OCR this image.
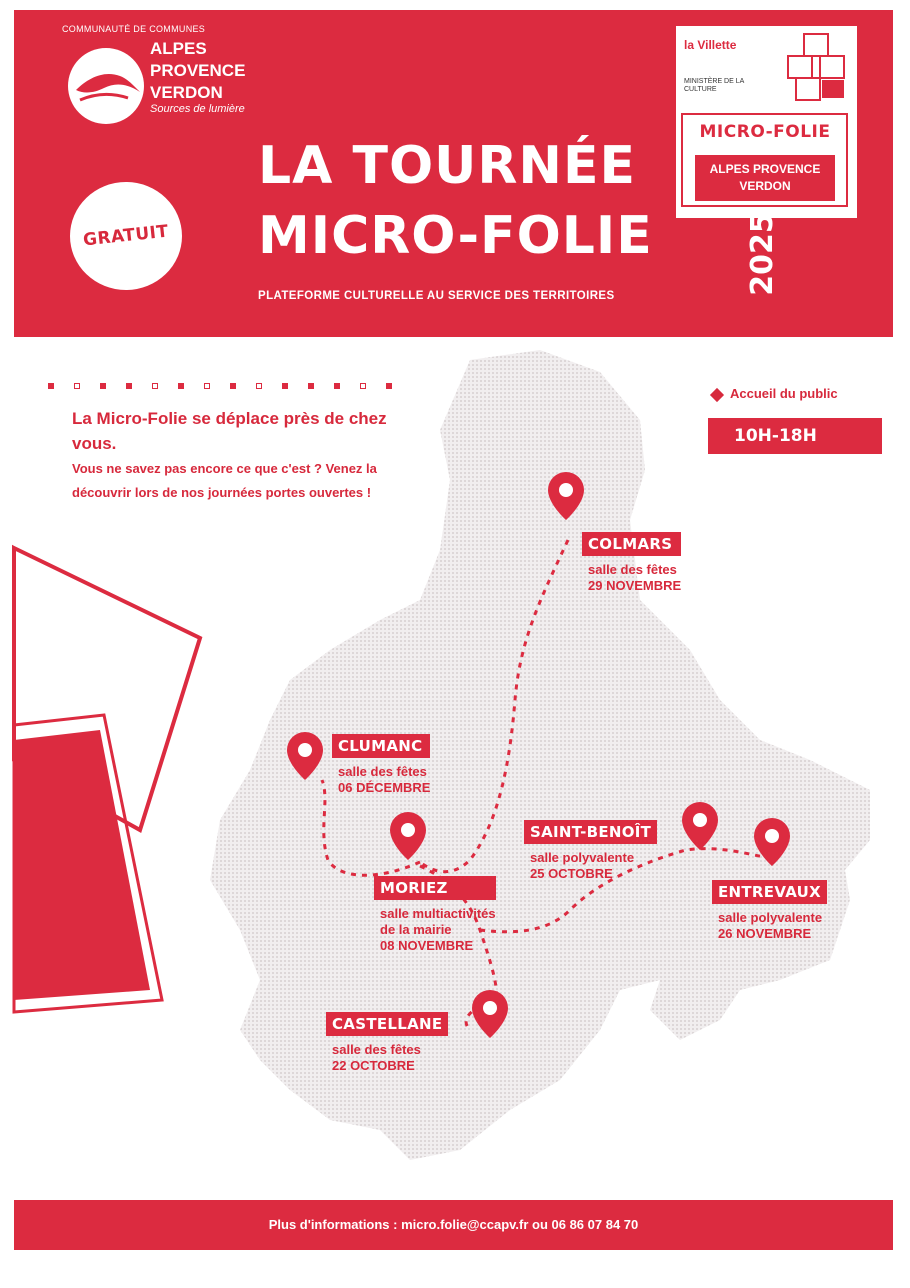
COMMUNAUTÉ DE COMMUNES
ALPES
PROVENCE
VERDON
Sources de lumière
GRATUIT
LA TOURNÉE
MICRO-FOLIE
PLATEFORME CULTURELLE AU SERVICE DES TERRITOIRES
la Villette
MINISTÈRE DE LA CULTURE
MICRO-FOLIE
ALPES PROVENCE
VERDON
2025
La Micro-Folie se déplace près de chez vous.
Vous ne savez pas encore ce que c'est ? Venez la découvrir lors de nos journées portes ouvertes !
Accueil du public
10H-18H
COLMARS
salle des fêtes
29 NOVEMBRE
CLUMANC
salle des fêtes
06 DÉCEMBRE
MORIEZ
salle multiactivités
de la mairie
08 NOVEMBRE
SAINT-BENOÎT
salle polyvalente
25 OCTOBRE
ENTREVAUX
salle polyvalente
26 NOVEMBRE
CASTELLANE
salle des fêtes
22 OCTOBRE
Plus d'informations : micro.folie@ccapv.fr ou 06 86 07 84 70
